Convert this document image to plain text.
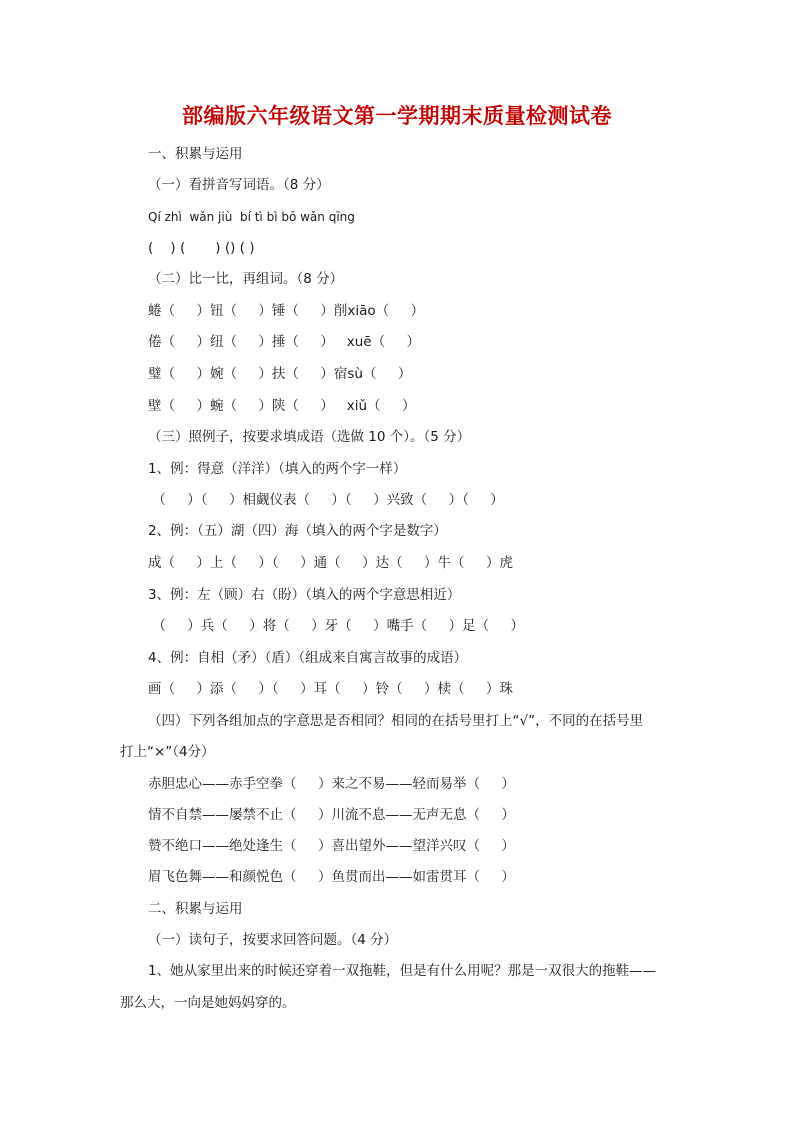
部编版六年级语文第一学期期末质量检测试卷
一、积累与运用
（一）看拼音写词语。（8 分）
Qí zhì  wǎn jiù  bí tì bì bō wǎn qīng
(    ) (       ) () ( )
（二）比一比，再组词。（8 分）
蜷（     ）钮（     ）锤（     ）削xiāo（     ）
倦（     ）纽（     ）捶（     ）   xuē（     ）
璧（     ）婉（     ）扶（     ）宿sù（     ）
壁（     ）蜿（     ）陕（     ）   xiǔ（     ）
（三）照例子，按要求填成语（选做 10 个）。（5 分）
1、例：得意（洋洋）（填入的两个字一样）
（     ）（     ）相觑仪表（     ）（     ）兴致（     ）（     ）
2、例：（五）湖（四）海（填入的两个字是数字）
成（     ）上（     ）（     ）通（     ）达（     ）牛（     ）虎
3、例：左（顾）右（盼）（填入的两个字意思相近）
（     ）兵（     ）将（     ）牙（     ）嘴手（     ）足（     ）
4、例：自相（矛）（盾）（组成来自寓言故事的成语）
画（     ）添（     ）（     ）耳（     ）铃（     ）椟（     ）珠
（四）下列各组加点的字意思是否相同？相同的在括号里打上“√”，不同的在括号里
打上“×”（4分）
赤胆忠心——赤手空拳（     ）来之不易——轻而易举（     ）
情不自禁——屡禁不止（     ）川流不息——无声无息（     ）
赞不绝口——绝处逢生（     ）喜出望外——望洋兴叹（     ）
眉飞色舞——和颜悦色（     ）鱼贯而出——如雷贯耳（     ）
二、积累与运用
（一）读句子，按要求回答问题。（4 分）
1、她从家里出来的时候还穿着一双拖鞋，但是有什么用呢？那是一双很大的拖鞋——
那么大，一向是她妈妈穿的。
